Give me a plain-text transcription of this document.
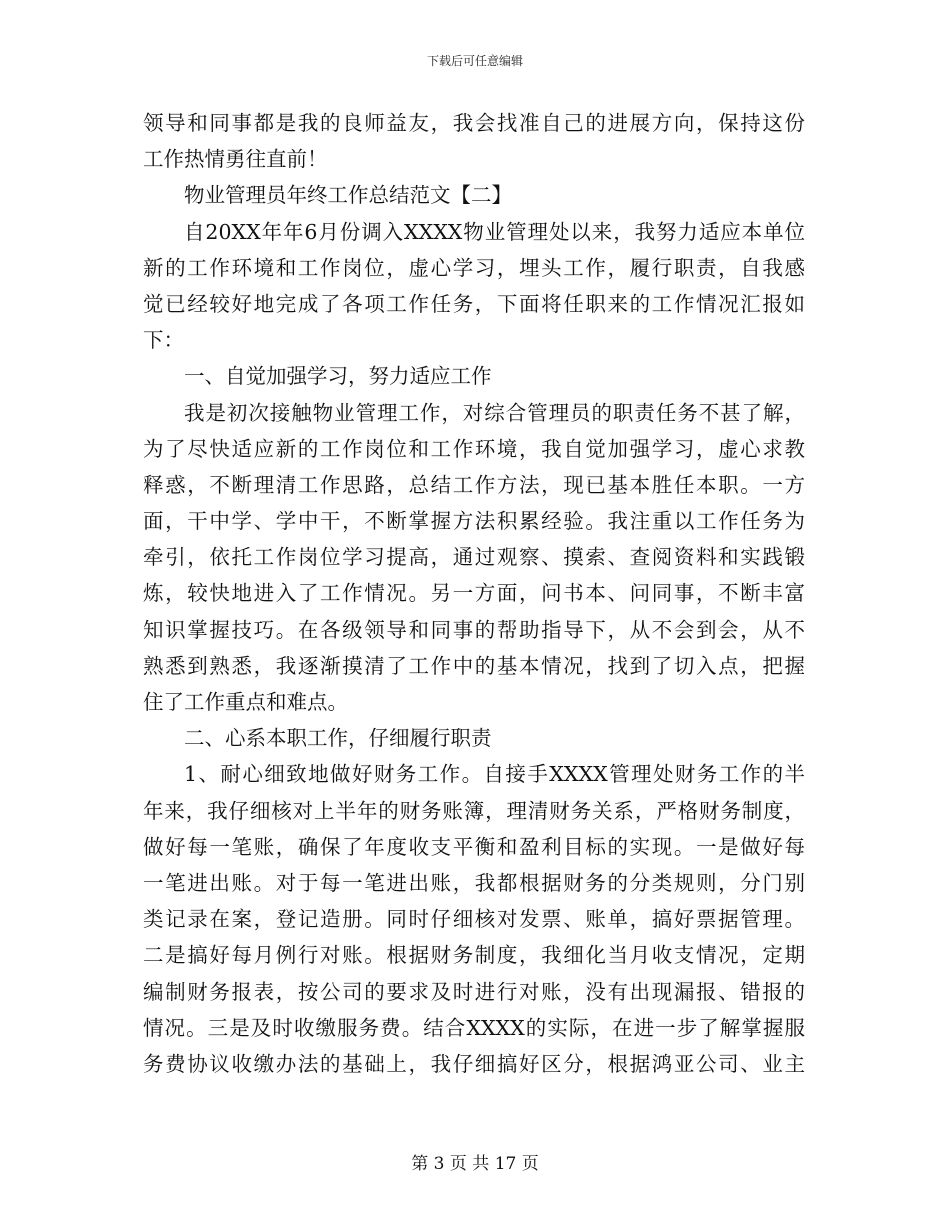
下载后可任意编辑
领导和同事都是我的良师益友，我会找准自己的进展方向，保持这份
工作热情勇往直前！
物业管理员年终工作总结范文【二】
自20XX年年6月份调入XXXX物业管理处以来，我努力适应本单位
新的工作环境和工作岗位，虚心学习，埋头工作，履行职责，自我感
觉已经较好地完成了各项工作任务，下面将任职来的工作情况汇报如
下：
一、自觉加强学习，努力适应工作
我是初次接触物业管理工作，对综合管理员的职责任务不甚了解，
为了尽快适应新的工作岗位和工作环境，我自觉加强学习，虚心求教
释惑，不断理清工作思路，总结工作方法，现已基本胜任本职。一方
面，干中学、学中干，不断掌握方法积累经验。我注重以工作任务为
牵引，依托工作岗位学习提高，通过观察、摸索、查阅资料和实践锻
炼，较快地进入了工作情况。另一方面，问书本、问同事，不断丰富
知识掌握技巧。在各级领导和同事的帮助指导下，从不会到会，从不
熟悉到熟悉，我逐渐摸清了工作中的基本情况，找到了切入点，把握
住了工作重点和难点。
二、心系本职工作，仔细履行职责
1、耐心细致地做好财务工作。自接手XXXX管理处财务工作的半
年来，我仔细核对上半年的财务账簿，理清财务关系，严格财务制度，
做好每一笔账，确保了年度收支平衡和盈利目标的实现。一是做好每
一笔进出账。对于每一笔进出账，我都根据财务的分类规则，分门别
类记录在案，登记造册。同时仔细核对发票、账单，搞好票据管理。
二是搞好每月例行对账。根据财务制度，我细化当月收支情况，定期
编制财务报表，按公司的要求及时进行对账，没有出现漏报、错报的
情况。三是及时收缴服务费。结合XXXX的实际，在进一步了解掌握服
务费协议收缴办法的基础上，我仔细搞好区分，根据鸿亚公司、业主
第 3 页 共 17 页
